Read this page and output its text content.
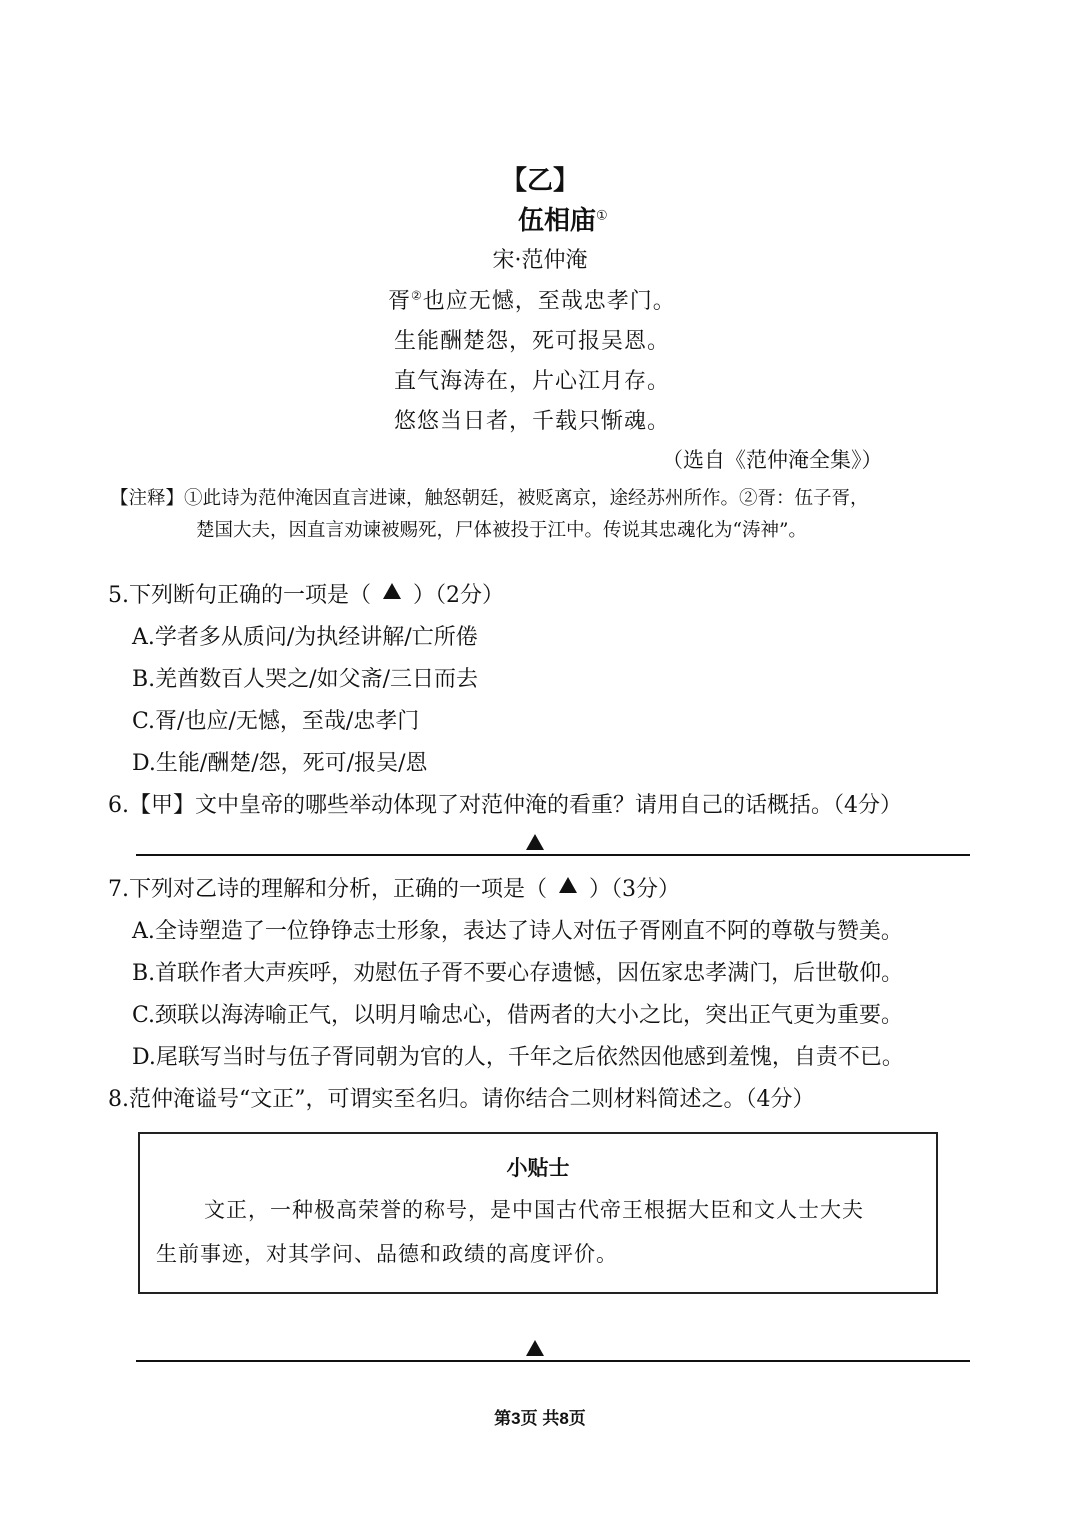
【乙】
伍相庙①
宋·范仲淹
胥②也应无憾，至哉忠孝门。
生能酬楚怨，死可报吴恩。
直气海涛在，片心江月存。
悠悠当日者，千载只惭魂。
（选自《范仲淹全集》）
【注释】①此诗为范仲淹因直言进谏，触怒朝廷，被贬离京，途经苏州所作。②胥：伍子胥，
楚国大夫，因直言劝谏被赐死，尸体被投于江中。传说其忠魂化为“涛神”。
5.下列断句正确的一项是（ ）（2分）
A.学者多从质问/为执经讲解/亡所倦
B.羌酋数百人哭之/如父斋/三日而去
C.胥/也应/无憾，至哉/忠孝门
D.生能/酬楚/怨，死可/报吴/恩
6.【甲】文中皇帝的哪些举动体现了对范仲淹的看重？请用自己的话概括。（4分）
7.下列对乙诗的理解和分析，正确的一项是（ ）（3分）
A.全诗塑造了一位铮铮志士形象，表达了诗人对伍子胥刚直不阿的尊敬与赞美。
B.首联作者大声疾呼，劝慰伍子胥不要心存遗憾，因伍家忠孝满门，后世敬仰。
C.颈联以海涛喻正气，以明月喻忠心，借两者的大小之比，突出正气更为重要。
D.尾联写当时与伍子胥同朝为官的人，千年之后依然因他感到羞愧，自责不已。
8.范仲淹谥号“文正”，可谓实至名归。请你结合二则材料简述之。（4分）
小贴士
文正，一种极高荣誉的称号，是中国古代帝王根据大臣和文人士大夫
生前事迹，对其学问、品德和政绩的高度评价。
第3页 共8页
